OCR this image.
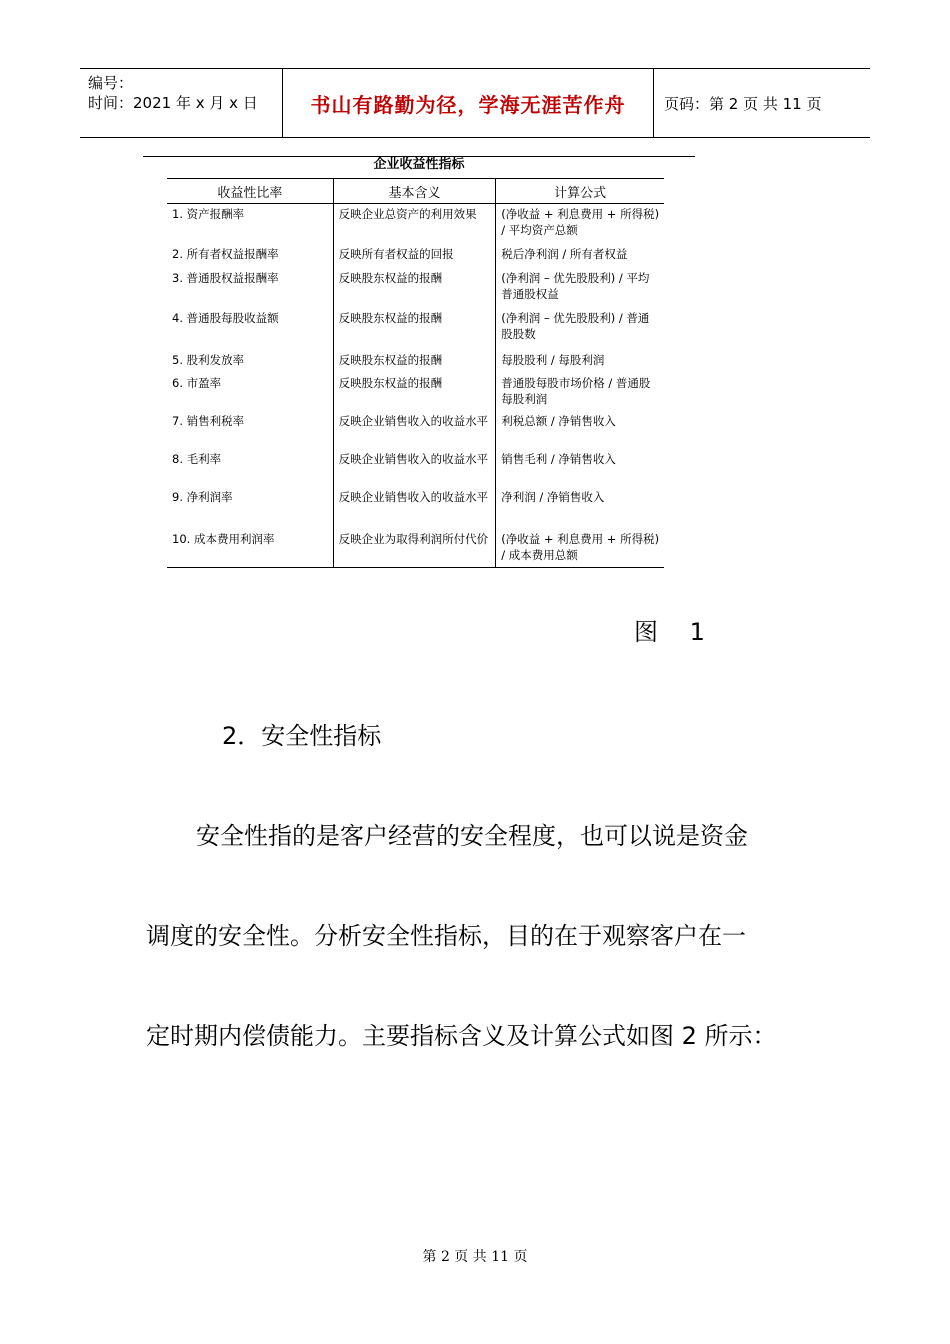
编号：
时间：2021 年 x 月 x 日	书山有路勤为径，学海无涯苦作舟	页码：第 2 页 共 11 页
企业收益性指标
收益性比率	基本含义	计算公式
1. 资产报酬率	反映企业总资产的利用效果	(净收益 + 利息费用 + 所得税) / 平均资产总额
2. 所有者权益报酬率	反映所有者权益的回报	税后净利润 / 所有者权益
3. 普通股权益报酬率	反映股东权益的报酬	(净利润 – 优先股股利) / 平均普通股权益
4. 普通股每股收益额	反映股东权益的报酬	(净利润 – 优先股股利) / 普通股股数
5. 股利发放率	反映股东权益的报酬	每股股利 / 每股利润
6. 市盈率	反映股东权益的报酬	普通股每股市场价格 / 普通股每股利润
7. 销售利税率	反映企业销售收入的收益水平	利税总额 / 净销售收入
8. 毛利率	反映企业销售收入的收益水平	销售毛利 / 净销售收入
9. 净利润率	反映企业销售收入的收益水平	净利润 / 净销售收入
10. 成本费用利润率	反映企业为取得利润所付代价	(净收益 + 利息费用 + 所得税) / 成本费用总额
图 1
2．安全性指标
安全性指的是客户经营的安全程度，也可以说是资金
调度的安全性。分析安全性指标，目的在于观察客户在一
定时期内偿债能力。主要指标含义及计算公式如图 2 所示：
第 2 页 共 11 页
